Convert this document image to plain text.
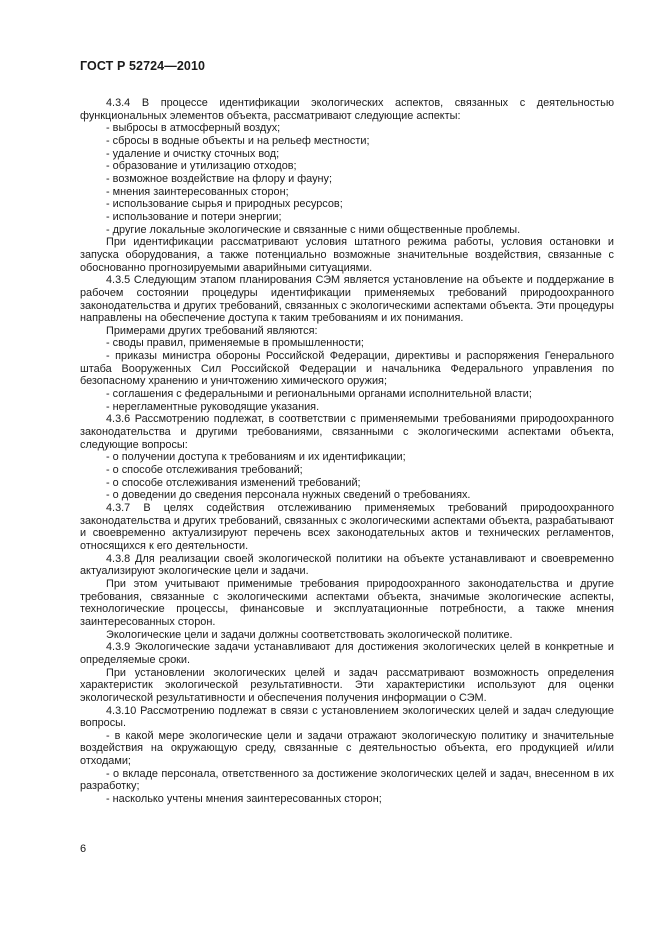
ГОСТ Р 52724—2010

4.3.4 В процессе идентификации экологических аспектов, связанных с деятельностью функциональных элементов объекта, рассматривают следующие аспекты:

- выбросы в атмосферный воздух;

- сбросы в водные объекты и на рельеф местности;

- удаление и очистку сточных вод;

- образование и утилизацию отходов;

- возможное воздействие на флору и фауну;

- мнения заинтересованных сторон;

- использование сырья и природных ресурсов;

- использование и потери энергии;

- другие локальные экологические и связанные с ними общественные проблемы.

При идентификации рассматривают условия штатного режима работы, условия остановки и запуска оборудования, а также потенциально возможные значительные воздействия, связанные с обоснованно прогнозируемыми аварийными ситуациями.

4.3.5 Следующим этапом планирования СЭМ является установление на объекте и поддержание в рабочем состоянии процедуры идентификации применяемых требований природоохранного законодательства и других требований, связанных с экологическими аспектами объекта. Эти процедуры направлены на обеспечение доступа к таким требованиям и их понимания.

Примерами других требований являются:

- своды правил, применяемые в промышленности;

- приказы министра обороны Российской Федерации, директивы и распоряжения Генерального штаба Вооруженных Сил Российской Федерации и начальника Федерального управления по безопасному хранению и уничтожению химического оружия;

- соглашения с федеральными и региональными органами исполнительной власти;

- нерегламентные руководящие указания.

4.3.6 Рассмотрению подлежат, в соответствии с применяемыми требованиями природоохранного законодательства и другими требованиями, связанными с экологическими аспектами объекта, следующие вопросы:

- о получении доступа к требованиям и их идентификации;

- о способе отслеживания требований;

- о способе отслеживания изменений требований;

- о доведении до сведения персонала нужных сведений о требованиях.

4.3.7 В целях содействия отслеживанию применяемых требований природоохранного законодательства и других требований, связанных с экологическими аспектами объекта, разрабатывают и своевременно актуализируют перечень всех законодательных актов и технических регламентов, относящихся к его деятельности.

4.3.8 Для реализации своей экологической политики на объекте устанавливают и своевременно актуализируют экологические цели и задачи.

При этом учитывают применимые требования природоохранного законодательства и другие требования, связанные с экологическими аспектами объекта, значимые экологические аспекты, технологические процессы, финансовые и эксплуатационные потребности, а также мнения заинтересованных сторон.

Экологические цели и задачи должны соответствовать экологической политике.

4.3.9 Экологические задачи устанавливают для достижения экологических целей в конкретные и определяемые сроки.

При установлении экологических целей и задач рассматривают возможность определения характеристик экологической результативности. Эти характеристики используют для оценки экологической результативности и обеспечения получения информации о СЭМ.

4.3.10 Рассмотрению подлежат в связи с установлением экологических целей и задач следующие вопросы.

- в какой мере экологические цели и задачи отражают экологическую политику и значительные воздействия на окружающую среду, связанные с деятельностью объекта, его продукцией и/или отходами;

- о вкладе персонала, ответственного за достижение экологических целей и задач, внесенном в их разработку;

- насколько учтены мнения заинтересованных сторон;

6
